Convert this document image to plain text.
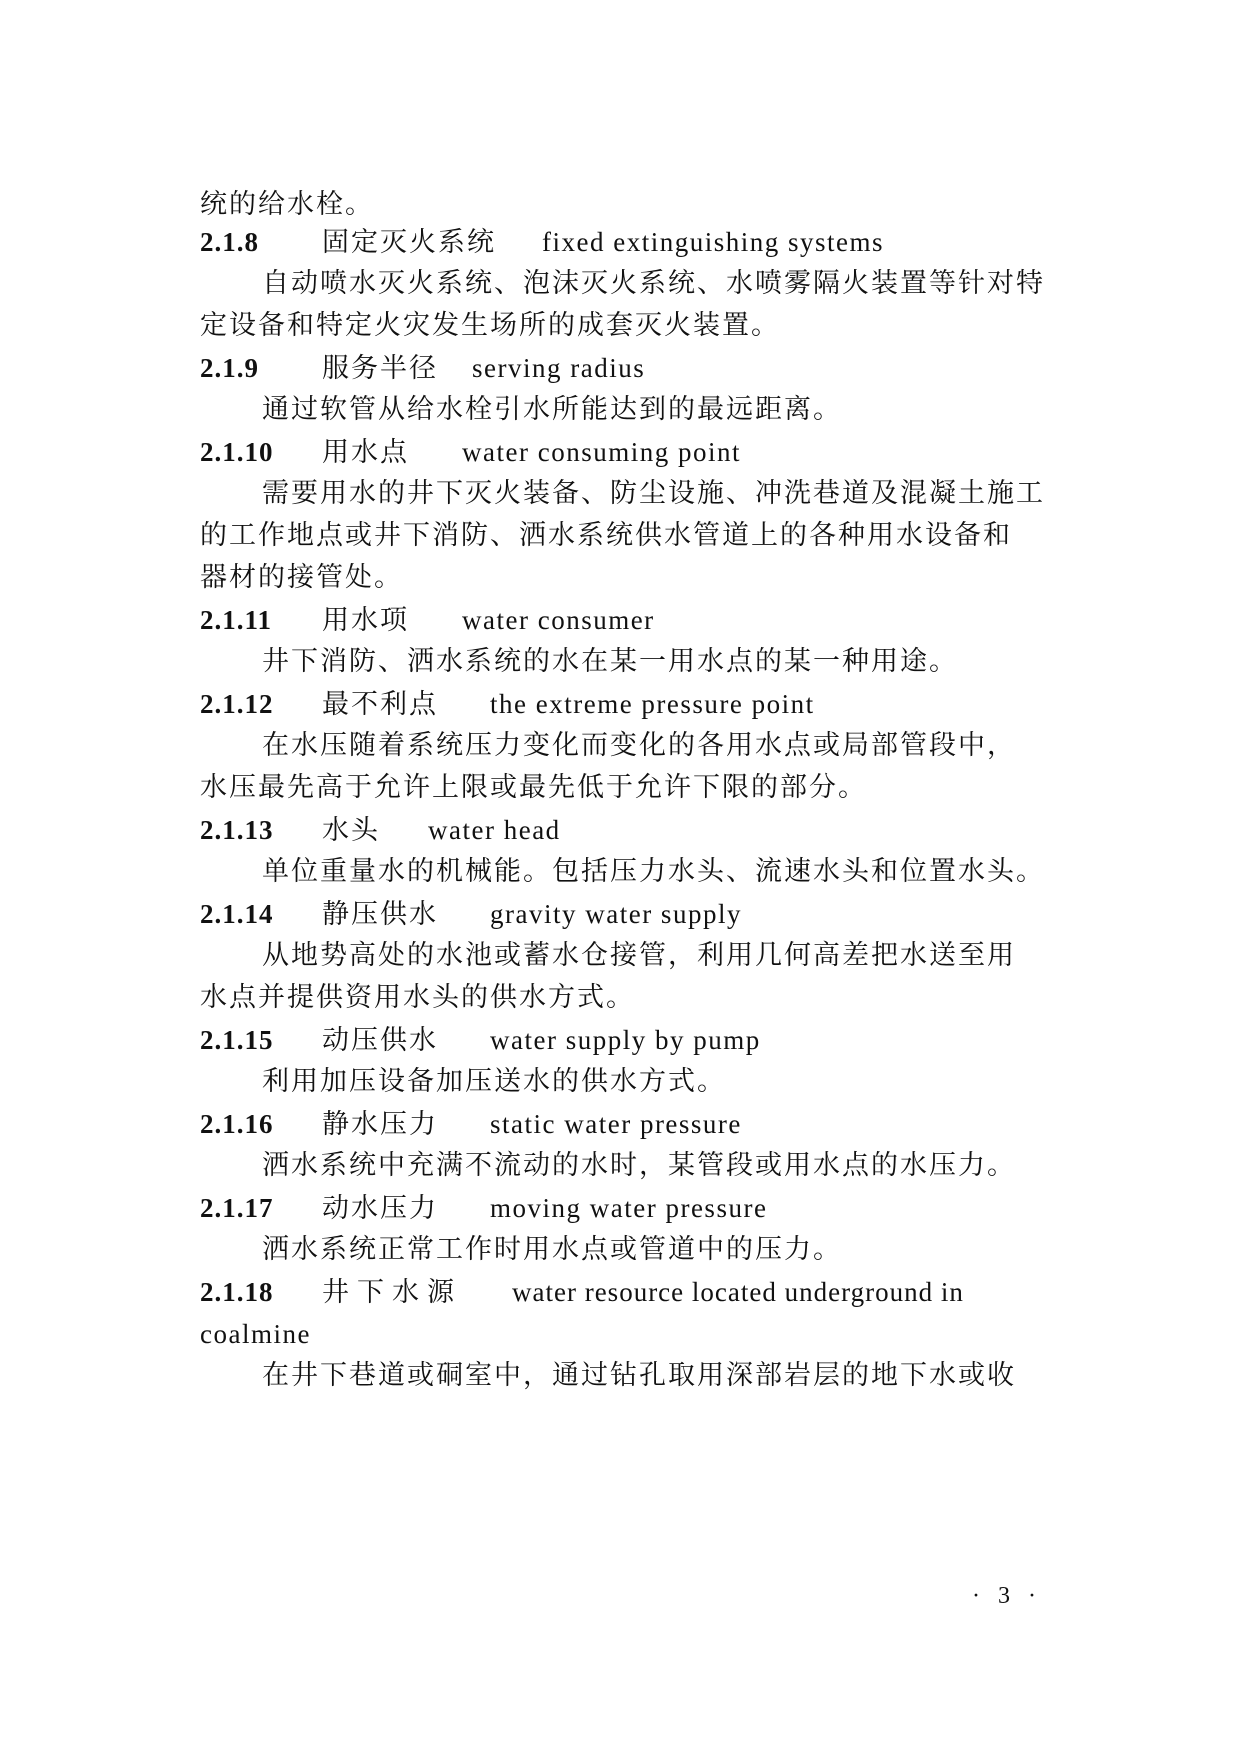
统的给水栓。
2.1.8 固定灭火系统 fixed extinguishing systems
自动喷水灭火系统、泡沫灭火系统、水喷雾隔火装置等针对特
定设备和特定火灾发生场所的成套灭火装置。
2.1.9 服务半径 serving radius
通过软管从给水栓引水所能达到的最远距离。
2.1.10 用水点 water consuming point
需要用水的井下灭火装备、防尘设施、冲洗巷道及混凝土施工
的工作地点或井下消防、洒水系统供水管道上的各种用水设备和
器材的接管处。
2.1.11 用水项 water consumer
井下消防、洒水系统的水在某一用水点的某一种用途。
2.1.12 最不利点 the extreme pressure point
在水压随着系统压力变化而变化的各用水点或局部管段中，
水压最先高于允许上限或最先低于允许下限的部分。
2.1.13 水头 water head
单位重量水的机械能。包括压力水头、流速水头和位置水头。
2.1.14 静压供水 gravity water supply
从地势高处的水池或蓄水仓接管，利用几何高差把水送至用
水点并提供资用水头的供水方式。
2.1.15 动压供水 water supply by pump
利用加压设备加压送水的供水方式。
2.1.16 静水压力 static water pressure
洒水系统中充满不流动的水时，某管段或用水点的水压力。
2.1.17 动水压力 moving water pressure
洒水系统正常工作时用水点或管道中的压力。
2.1.18 井下水源 water resource located underground in
coalmine
在井下巷道或硐室中，通过钻孔取用深部岩层的地下水或收
· 3 ·
